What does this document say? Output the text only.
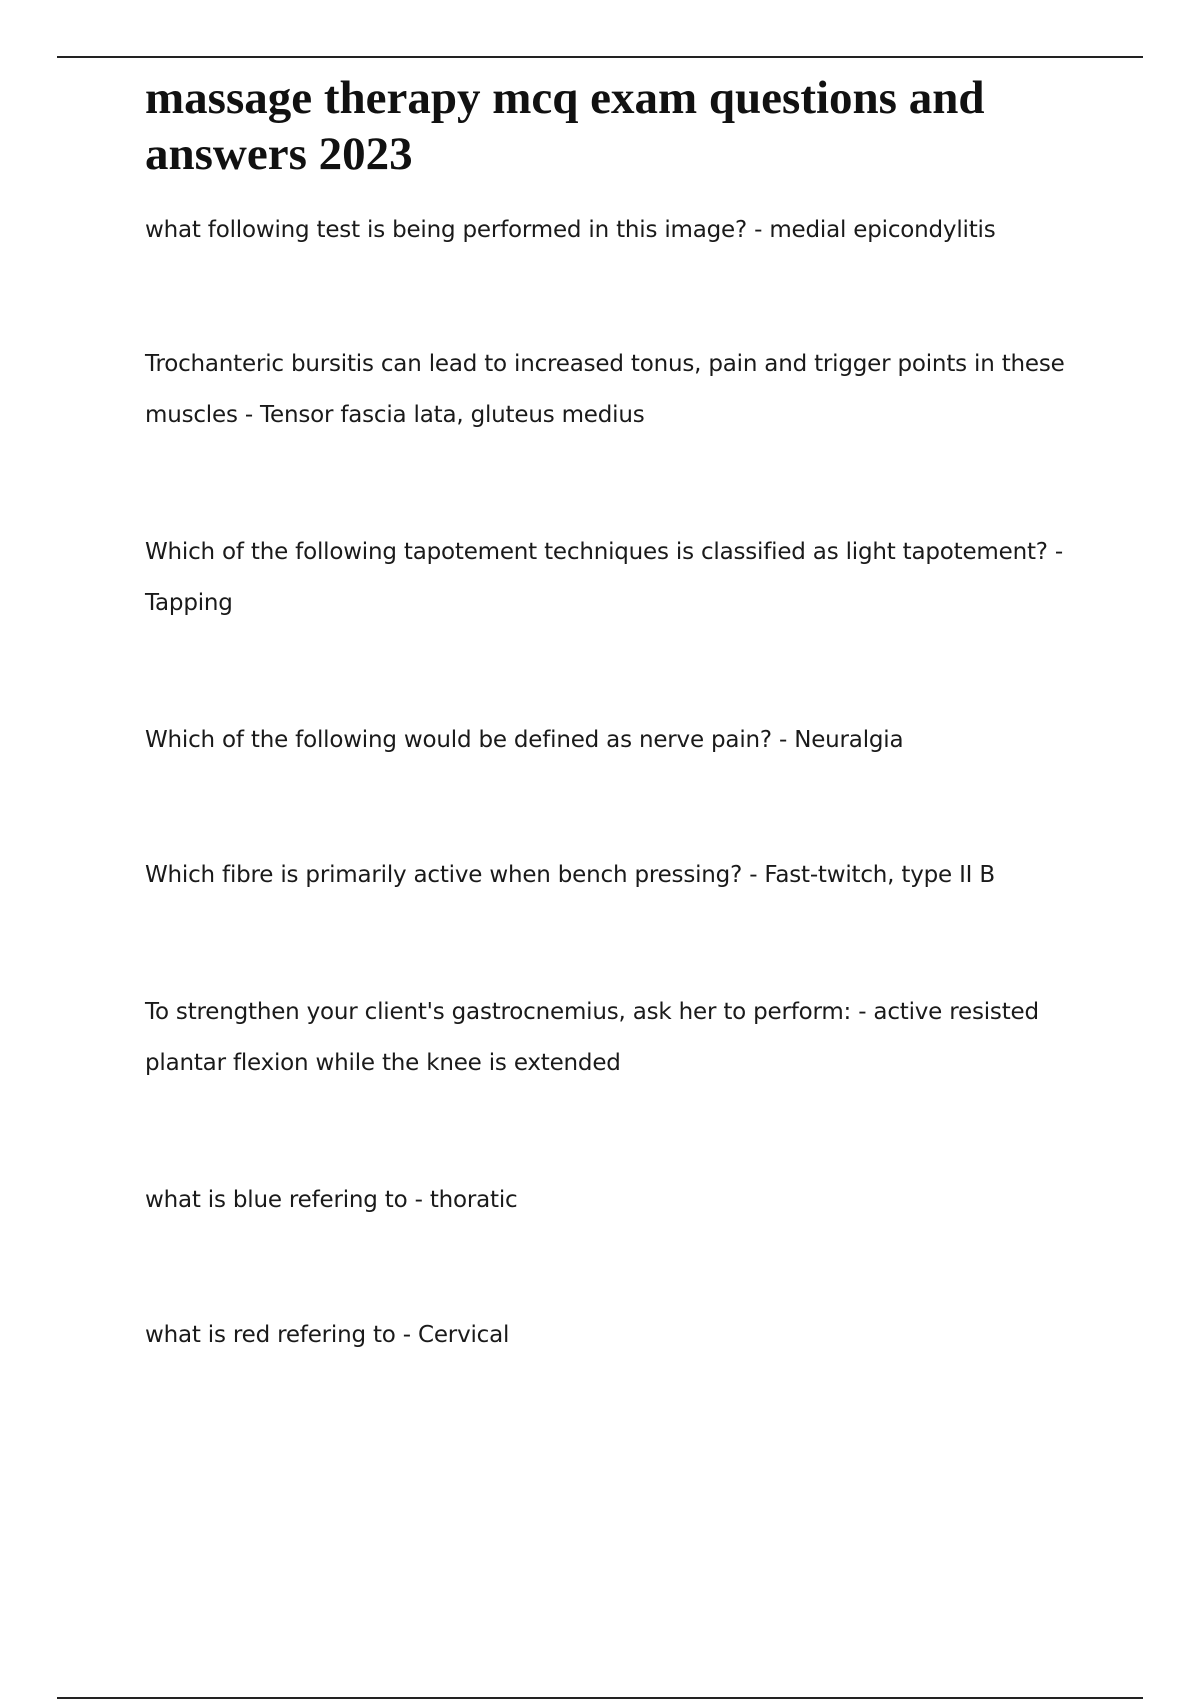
massage therapy mcq exam questions and answers 2023

what following test is being performed in this image? - medial epicondylitis

Trochanteric bursitis can lead to increased tonus, pain and trigger points in these muscles - Tensor fascia lata, gluteus medius

Which of the following tapotement techniques is classified as light tapotement? - Tapping

Which of the following would be defined as nerve pain? - Neuralgia

Which fibre is primarily active when bench pressing? - Fast-twitch, type II B

To strengthen your client's gastrocnemius, ask her to perform: - active resisted plantar flexion while the knee is extended

what is blue refering to - thoratic

what is red refering to - Cervical
